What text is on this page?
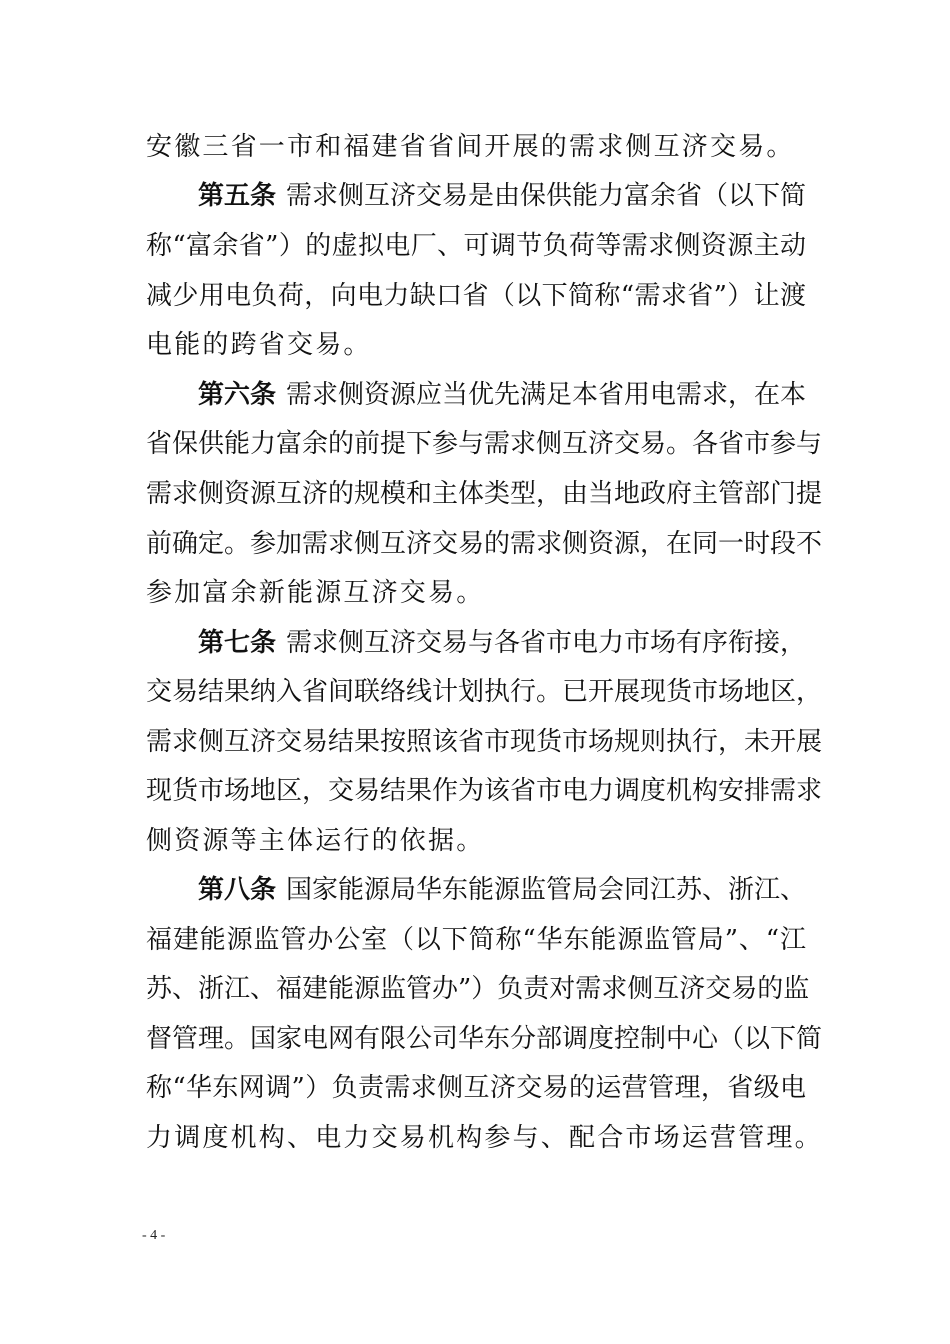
安徽三省一市和福建省省间开展的需求侧互济交易。
第五条 需求侧互济交易是由保供能力富余省（以下简
称“富余省”）的虚拟电厂、可调节负荷等需求侧资源主动
减少用电负荷，向电力缺口省（以下简称“需求省”）让渡
电能的跨省交易。
第六条 需求侧资源应当优先满足本省用电需求，在本
省保供能力富余的前提下参与需求侧互济交易。各省市参与
需求侧资源互济的规模和主体类型，由当地政府主管部门提
前确定。参加需求侧互济交易的需求侧资源，在同一时段不
参加富余新能源互济交易。
第七条 需求侧互济交易与各省市电力市场有序衔接，
交易结果纳入省间联络线计划执行。已开展现货市场地区，
需求侧互济交易结果按照该省市现货市场规则执行，未开展
现货市场地区，交易结果作为该省市电力调度机构安排需求
侧资源等主体运行的依据。
第八条 国家能源局华东能源监管局会同江苏、浙江、
福建能源监管办公室（以下简称“华东能源监管局”、“江
苏、浙江、福建能源监管办”）负责对需求侧互济交易的监
督管理。国家电网有限公司华东分部调度控制中心（以下简
称“华东网调”）负责需求侧互济交易的运营管理，省级电
力调度机构、电力交易机构参与、配合市场运营管理。
- 4 -
